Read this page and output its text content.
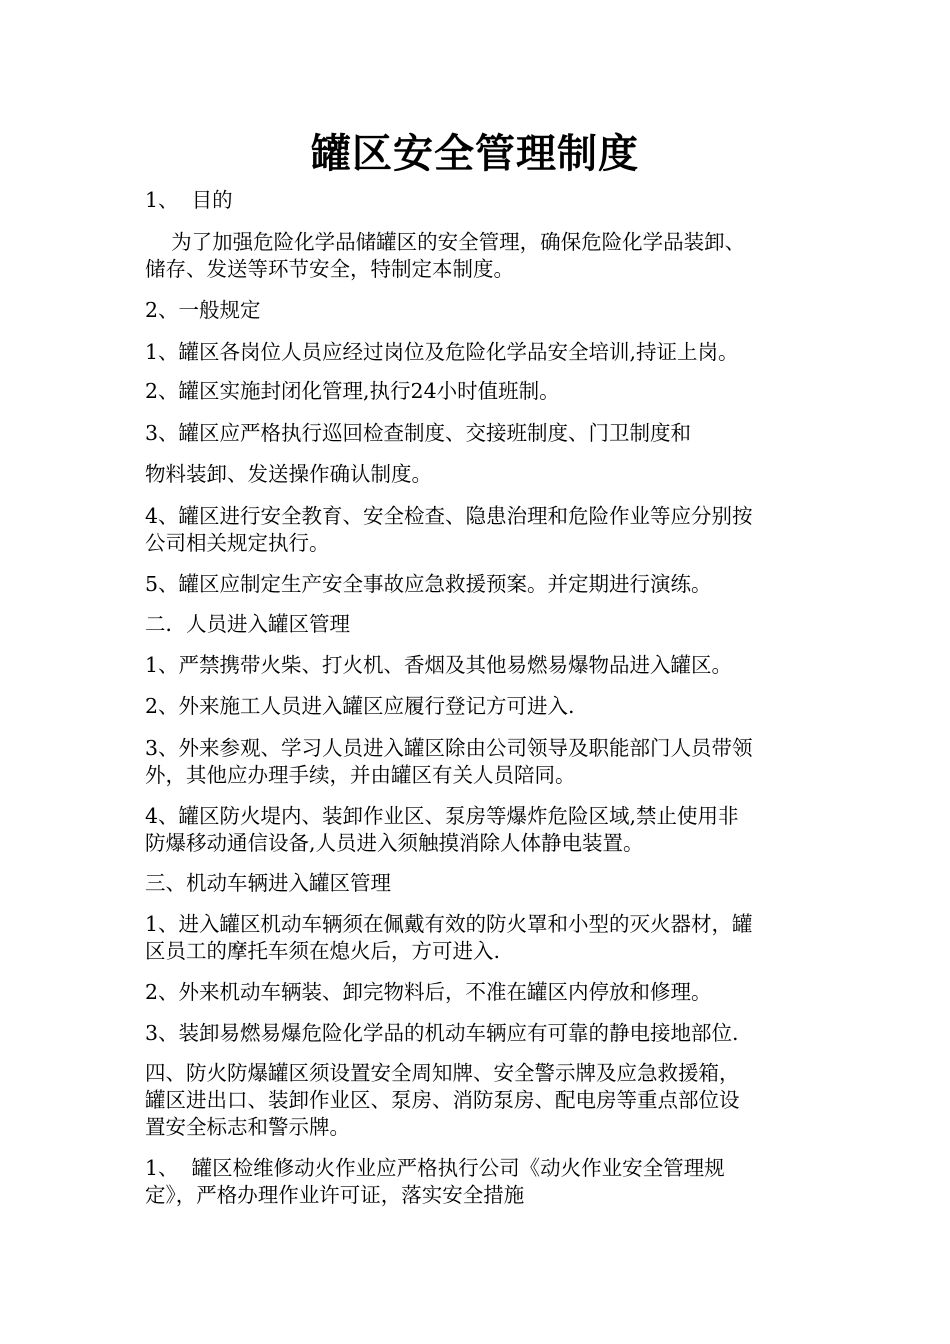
罐区安全管理制度
1、  目的
为了加强危险化学品储罐区的安全管理，确保危险化学品装卸、
储存、发送等环节安全，特制定本制度。
2、一般规定
1、罐区各岗位人员应经过岗位及危险化学品安全培训,持证上岗。
2、罐区实施封闭化管理,执行24小时值班制。
3、罐区应严格执行巡回检查制度、交接班制度、门卫制度和
物料装卸、发送操作确认制度。
4、罐区进行安全教育、安全检查、隐患治理和危险作业等应分别按
公司相关规定执行。
5、罐区应制定生产安全事故应急救援预案。并定期进行演练。
二．人员进入罐区管理
1、严禁携带火柴、打火机、香烟及其他易燃易爆物品进入罐区。
2、外来施工人员进入罐区应履行登记方可进入.
3、外来参观、学习人员进入罐区除由公司领导及职能部门人员带领
外，其他应办理手续，并由罐区有关人员陪同。
4、罐区防火堤内、装卸作业区、泵房等爆炸危险区域,禁止使用非
防爆移动通信设备,人员进入须触摸消除人体静电装置。
三、机动车辆进入罐区管理
1、进入罐区机动车辆须在佩戴有效的防火罩和小型的灭火器材，罐
区员工的摩托车须在熄火后，方可进入.
2、外来机动车辆装、卸完物料后，不准在罐区内停放和修理。
3、装卸易燃易爆危险化学品的机动车辆应有可靠的静电接地部位.
四、防火防爆罐区须设置安全周知牌、安全警示牌及应急救援箱，
罐区进出口、装卸作业区、泵房、消防泵房、配电房等重点部位设
置安全标志和警示牌。
1、  罐区检维修动火作业应严格执行公司《动火作业安全管理规
定》，严格办理作业许可证，落实安全措施
